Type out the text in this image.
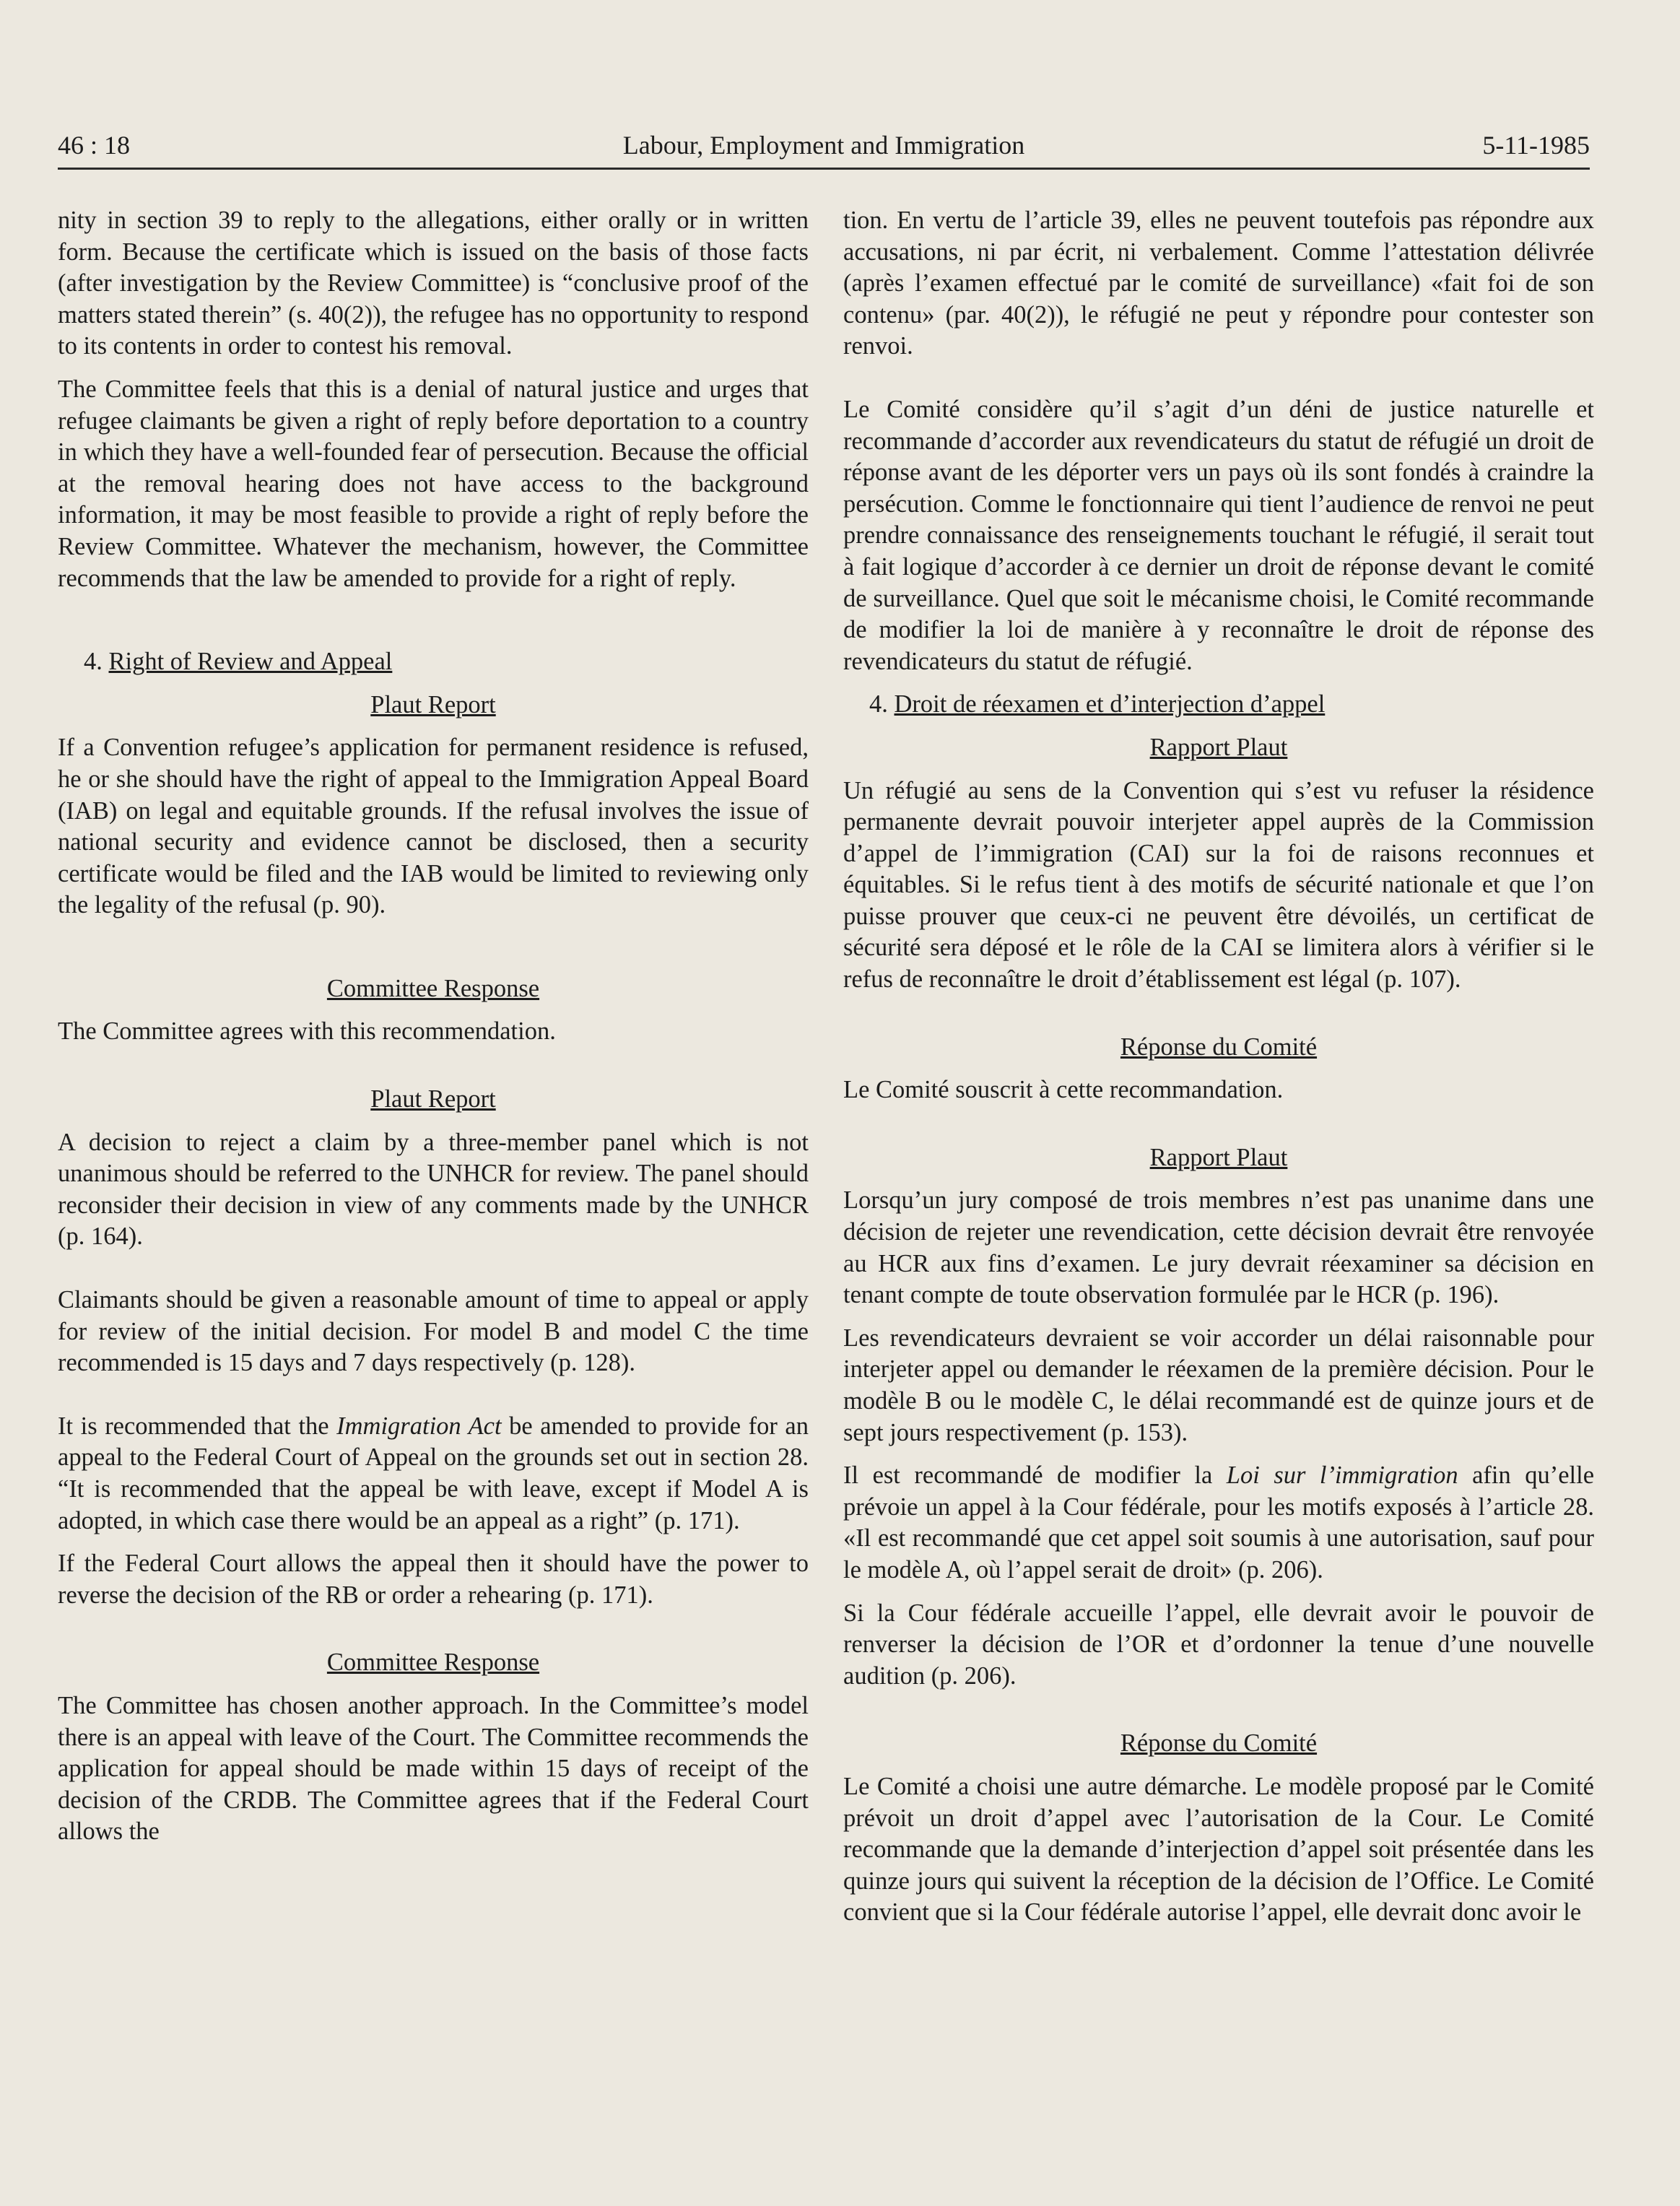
46 : 18	Labour, Employment and Immigration	5-11-1985

nity in section 39 to reply to the allegations, either orally or in written form. Because the certificate which is issued on the basis of those facts (after investigation by the Review Committee) is “conclusive proof of the matters stated therein” (s. 40(2)), the refugee has no opportunity to respond to its contents in order to contest his removal.

The Committee feels that this is a denial of natural justice and urges that refugee claimants be given a right of reply before deportation to a country in which they have a well-founded fear of persecution. Because the official at the removal hearing does not have access to the background information, it may be most feasible to provide a right of reply before the Review Committee. Whatever the mechanism, however, the Committee recommends that the law be amended to provide for a right of reply.

4. Right of Review and Appeal

Plaut Report

If a Convention refugee’s application for permanent residence is refused, he or she should have the right of appeal to the Immigration Appeal Board (IAB) on legal and equitable grounds. If the refusal involves the issue of national security and evidence cannot be disclosed, then a security certificate would be filed and the IAB would be limited to reviewing only the legality of the refusal (p. 90).

Committee Response

The Committee agrees with this recommendation.

Plaut Report

A decision to reject a claim by a three-member panel which is not unanimous should be referred to the UNHCR for review. The panel should reconsider their decision in view of any comments made by the UNHCR (p. 164).

Claimants should be given a reasonable amount of time to appeal or apply for review of the initial decision. For model B and model C the time recommended is 15 days and 7 days respectively (p. 128).

It is recommended that the Immigration Act be amended to provide for an appeal to the Federal Court of Appeal on the grounds set out in section 28. “It is recommended that the appeal be with leave, except if Model A is adopted, in which case there would be an appeal as a right” (p. 171).

If the Federal Court allows the appeal then it should have the power to reverse the decision of the RB or order a rehearing (p. 171).

Committee Response

The Committee has chosen another approach. In the Committee’s model there is an appeal with leave of the Court. The Committee recommends the application for appeal should be made within 15 days of receipt of the decision of the CRDB. The Committee agrees that if the Federal Court allows the

tion. En vertu de l’article 39, elles ne peuvent toutefois pas répondre aux accusations, ni par écrit, ni verbalement. Comme l’attestation délivrée (après l’examen effectué par le comité de surveillance) «fait foi de son contenu» (par. 40(2)), le réfugié ne peut y répondre pour contester son renvoi.

Le Comité considère qu’il s’agit d’un déni de justice naturelle et recommande d’accorder aux revendicateurs du statut de réfugié un droit de réponse avant de les déporter vers un pays où ils sont fondés à craindre la persécution. Comme le fonctionnaire qui tient l’audience de renvoi ne peut prendre connaissance des renseignements touchant le réfugié, il serait tout à fait logique d’accorder à ce dernier un droit de réponse devant le comité de surveillance. Quel que soit le mécanisme choisi, le Comité recommande de modifier la loi de manière à y reconnaître le droit de réponse des revendicateurs du statut de réfugié.

4. Droit de réexamen et d’interjection d’appel

Rapport Plaut

Un réfugié au sens de la Convention qui s’est vu refuser la résidence permanente devrait pouvoir interjeter appel auprès de la Commission d’appel de l’immigration (CAI) sur la foi de raisons reconnues et équitables. Si le refus tient à des motifs de sécurité nationale et que l’on puisse prouver que ceux-ci ne peuvent être dévoilés, un certificat de sécurité sera déposé et le rôle de la CAI se limitera alors à vérifier si le refus de reconnaître le droit d’établissement est légal (p. 107).

Réponse du Comité

Le Comité souscrit à cette recommandation.

Rapport Plaut

Lorsqu’un jury composé de trois membres n’est pas unanime dans une décision de rejeter une revendication, cette décision devrait être renvoyée au HCR aux fins d’examen. Le jury devrait réexaminer sa décision en tenant compte de toute observation formulée par le HCR (p. 196).

Les revendicateurs devraient se voir accorder un délai raisonnable pour interjeter appel ou demander le réexamen de la première décision. Pour le modèle B ou le modèle C, le délai recommandé est de quinze jours et de sept jours respectivement (p. 153).

Il est recommandé de modifier la Loi sur l’immigration afin qu’elle prévoie un appel à la Cour fédérale, pour les motifs exposés à l’article 28. «Il est recommandé que cet appel soit soumis à une autorisation, sauf pour le modèle A, où l’appel serait de droit» (p. 206).

Si la Cour fédérale accueille l’appel, elle devrait avoir le pouvoir de renverser la décision de l’OR et d’ordonner la tenue d’une nouvelle audition (p. 206).

Réponse du Comité

Le Comité a choisi une autre démarche. Le modèle proposé par le Comité prévoit un droit d’appel avec l’autorisation de la Cour. Le Comité recommande que la demande d’interjection d’appel soit présentée dans les quinze jours qui suivent la réception de la décision de l’Office. Le Comité convient que si la Cour fédérale autorise l’appel, elle devrait donc avoir le
